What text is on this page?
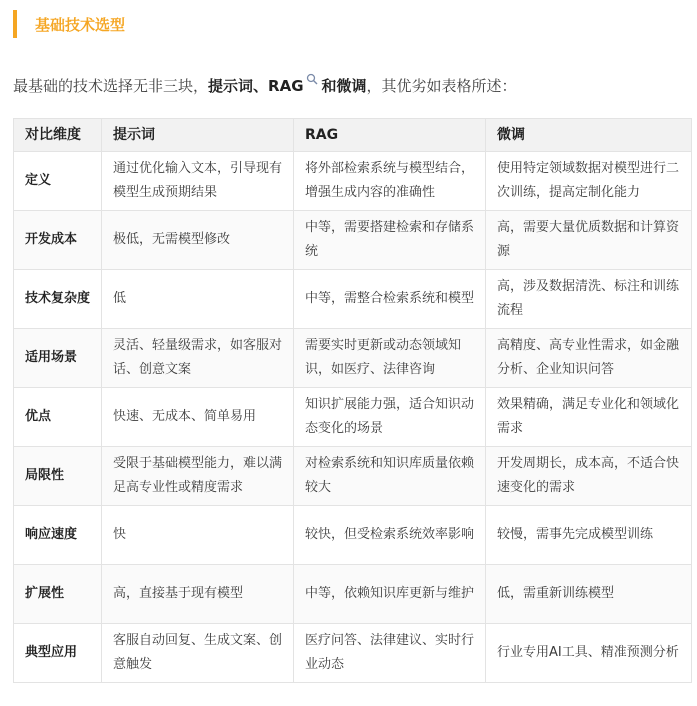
基础技术选型
最基础的技术选择无非三块，提示词、RAG 和微调，其优劣如表格所述：
对比维度	提示词	RAG	微调
定义	通过优化输入文本，引导现有模型生成预期结果	将外部检索系统与模型结合，增强生成内容的准确性	使用特定领域数据对模型进行二次训练，提高定制化能力
开发成本	极低，无需模型修改	中等，需要搭建检索和存储系统	高，需要大量优质数据和计算资源
技术复杂度	低	中等，需整合检索系统和模型	高，涉及数据清洗、标注和训练流程
适用场景	灵活、轻量级需求，如客服对话、创意文案	需要实时更新或动态领域知识，如医疗、法律咨询	高精度、高专业性需求，如金融分析、企业知识问答
优点	快速、无成本、简单易用	知识扩展能力强，适合知识动态变化的场景	效果精确，满足专业化和领域化需求
局限性	受限于基础模型能力，难以满足高专业性或精度需求	对检索系统和知识库质量依赖较大	开发周期长，成本高，不适合快速变化的需求
响应速度	快	较快，但受检索系统效率影响	较慢，需事先完成模型训练
扩展性	高，直接基于现有模型	中等，依赖知识库更新与维护	低，需重新训练模型
典型应用	客服自动回复、生成文案、创意触发	医疗问答、法律建议、实时行业动态	行业专用AI工具、精准预测分析
